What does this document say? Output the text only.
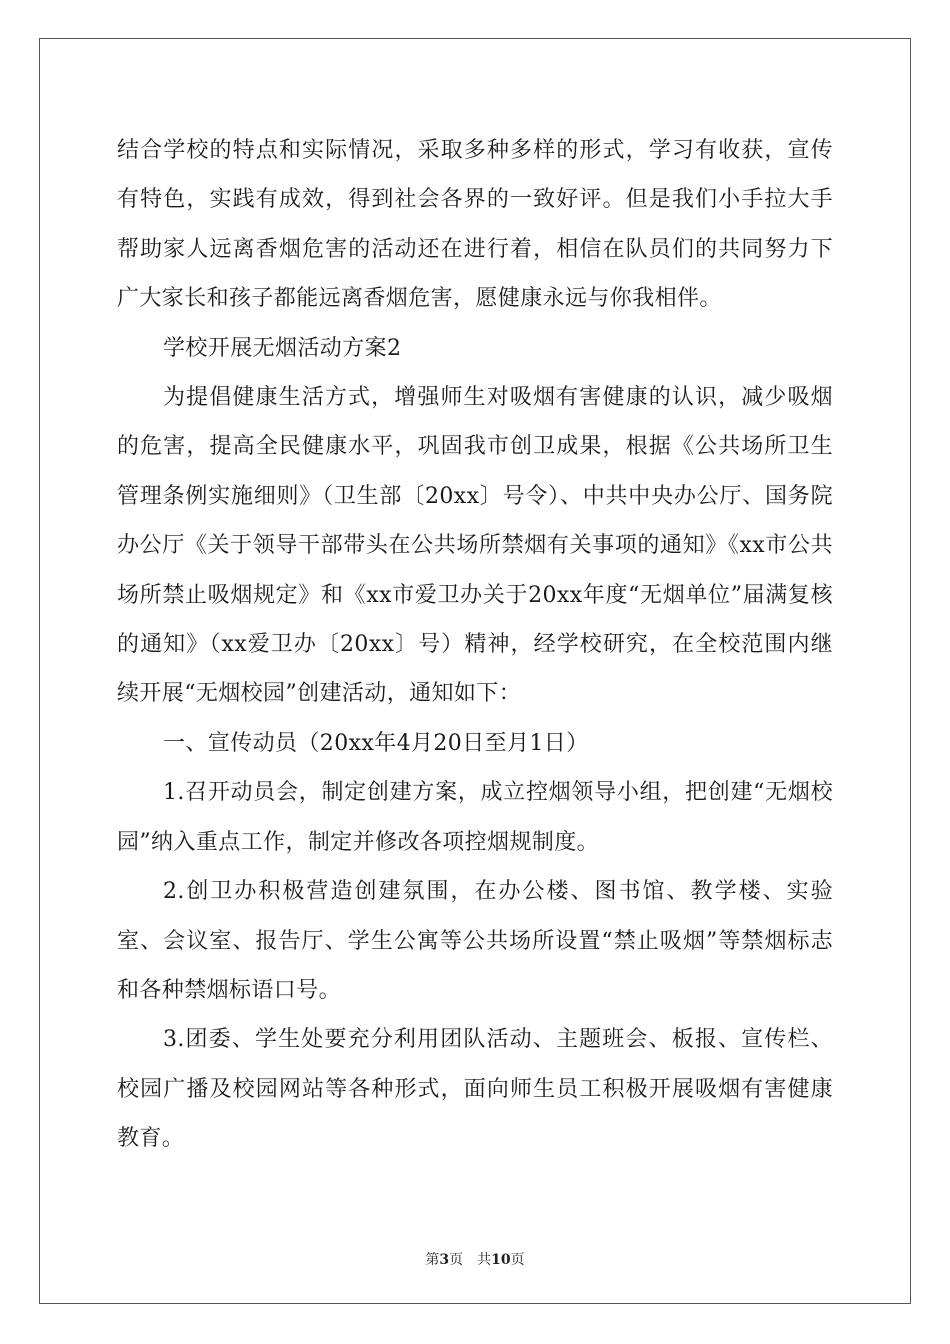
结合学校的特点和实际情况，采取多种多样的形式，学习有收获，宣传有特色，实践有成效，得到社会各界的一致好评。但是我们小手拉大手帮助家人远离香烟危害的活动还在进行着，相信在队员们的共同努力下广大家长和孩子都能远离香烟危害，愿健康永远与你我相伴。

学校开展无烟活动方案2

为提倡健康生活方式，增强师生对吸烟有害健康的认识，减少吸烟的危害，提高全民健康水平，巩固我市创卫成果，根据《公共场所卫生管理条例实施细则》（卫生部〔20xx〕号令）、中共中央办公厅、国务院办公厅《关于领导干部带头在公共场所禁烟有关事项的通知》《xx市公共场所禁止吸烟规定》和《xx市爱卫办关于20xx年度“无烟单位”届满复核的通知》（xx爱卫办〔20xx〕号）精神，经学校研究，在全校范围内继续开展“无烟校园”创建活动，通知如下：

一、宣传动员（20xx年4月20日至月1日）

1.召开动员会，制定创建方案，成立控烟领导小组，把创建“无烟校园”纳入重点工作，制定并修改各项控烟规制度。

2.创卫办积极营造创建氛围，在办公楼、图书馆、教学楼、实验室、会议室、报告厅、学生公寓等公共场所设置“禁止吸烟”等禁烟标志和各种禁烟标语口号。

3.团委、学生处要充分利用团队活动、主题班会、板报、宣传栏、校园广播及校园网站等各种形式，面向师生员工积极开展吸烟有害健康教育。

第3页 共10页
